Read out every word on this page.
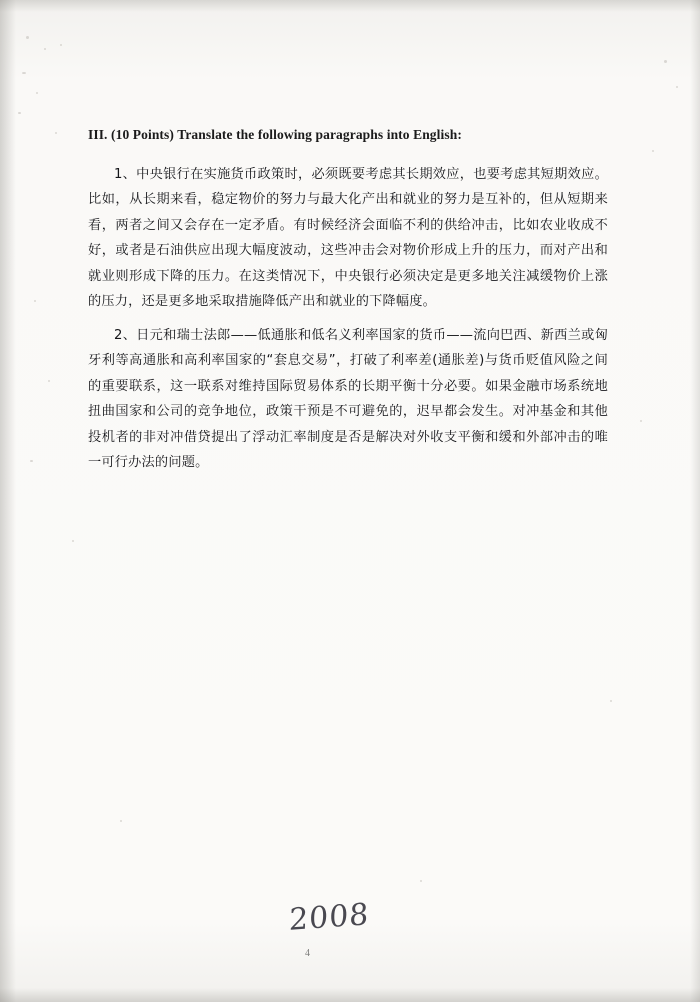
III. (10 Points) Translate the following paragraphs into English:

1、中央银行在实施货币政策时，必须既要考虑其长期效应，也要考虑其短期效应。比如，从长期来看，稳定物价的努力与最大化产出和就业的努力是互补的，但从短期来看，两者之间又会存在一定矛盾。有时候经济会面临不利的供给冲击，比如农业收成不好，或者是石油供应出现大幅度波动，这些冲击会对物价形成上升的压力，而对产出和就业则形成下降的压力。在这类情况下，中央银行必须决定是更多地关注减缓物价上涨的压力，还是更多地采取措施降低产出和就业的下降幅度。

2、日元和瑞士法郎——低通胀和低名义利率国家的货币——流向巴西、新西兰或匈牙利等高通胀和高利率国家的“套息交易”，打破了利率差(通胀差)与货币贬值风险之间的重要联系，这一联系对维持国际贸易体系的长期平衡十分必要。如果金融市场系统地扭曲国家和公司的竞争地位，政策干预是不可避免的，迟早都会发生。对冲基金和其他投机者的非对冲借贷提出了浮动汇率制度是否是解决对外收支平衡和缓和外部冲击的唯一可行办法的问题。

2008
4
